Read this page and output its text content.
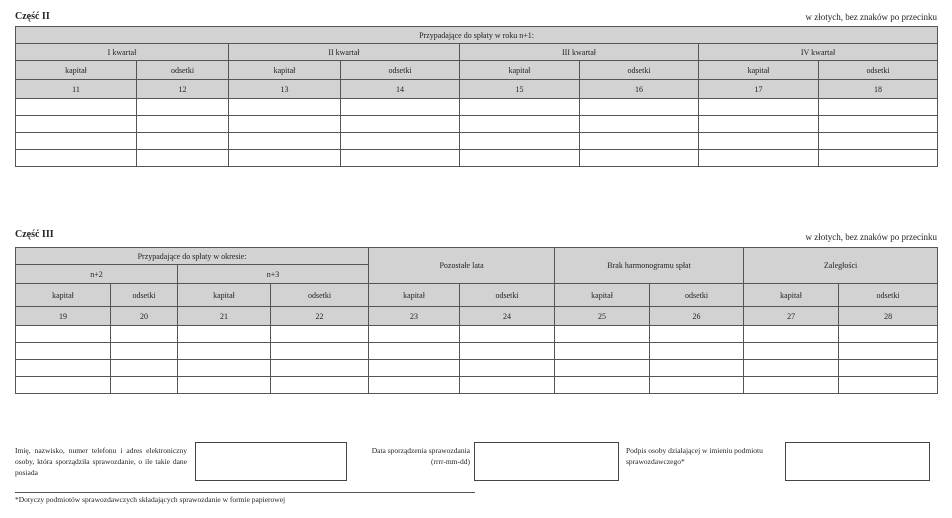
Część II	w złotych, bez znaków po przecinku
Przypadające do spłaty w roku n+1:							
I kwartał		II kwartał		III kwartał		IV kwartał	
kapitał	odsetki	kapitał	odsetki	kapitał	odsetki	kapitał	odsetki
11	12	13	14	15	16	17	18

Część III	w złotych, bez znaków po przecinku
Przypadające do spłaty w okresie:				Pozostałe lata		Brak harmonogramu spłat		Zaległości	
n+2		n+3							
kapitał	odsetki	kapitał	odsetki	kapitał	odsetki	kapitał	odsetki	kapitał	odsetki
19	20	21	22	23	24	25	26	27	28

Imię, nazwisko, numer telefonu i adres elektroniczny osoby, która sporządziła sprawozdanie, o ile takie dane posiada
Data sporządzenia sprawozdania
(rrrr-mm-dd)
Podpis osoby działającej w imieniu podmiotu sprawozdawczego*
*Dotyczy podmiotów sprawozdawczych składających sprawozdanie w formie papierowej
